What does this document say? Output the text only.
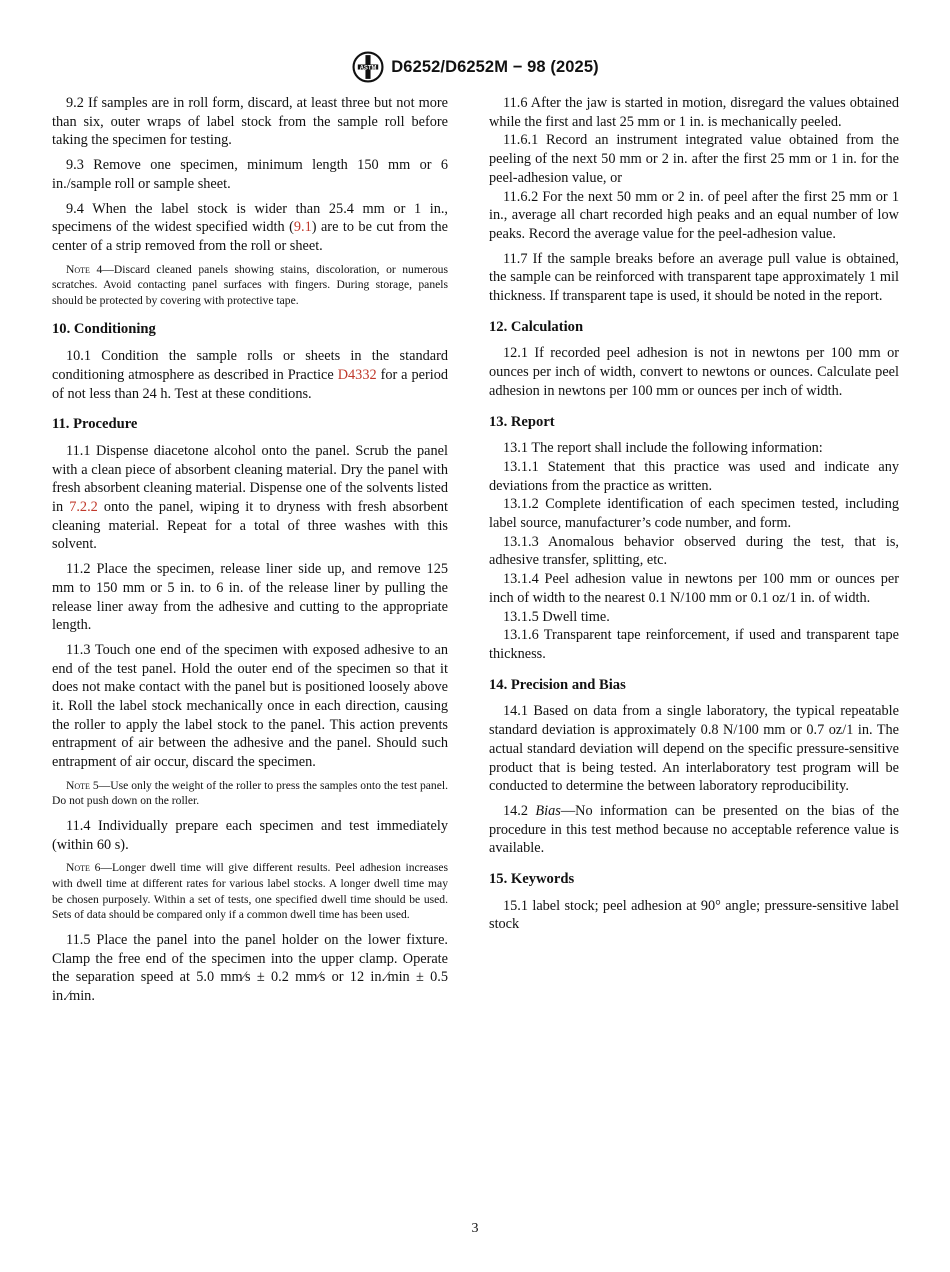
ASTM D6252/D6252M − 98 (2025)

9.2 If samples are in roll form, discard, at least three but not more than six, outer wraps of label stock from the sample roll before taking the specimen for testing.

9.3 Remove one specimen, minimum length 150 mm or 6 in./sample roll or sample sheet.

9.4 When the label stock is wider than 25.4 mm or 1 in., specimens of the widest specified width (9.1) are to be cut from the center of a strip removed from the roll or sheet.

Note 4—Discard cleaned panels showing stains, discoloration, or numerous scratches. Avoid contacting panel surfaces with fingers. During storage, panels should be protected by covering with protective tape.
10. Conditioning

10.1 Condition the sample rolls or sheets in the standard conditioning atmosphere as described in Practice D4332 for a period of not less than 24 h. Test at these conditions.

11. Procedure

11.1 Dispense diacetone alcohol onto the panel. Scrub the panel with a clean piece of absorbent cleaning material. Dry the panel with fresh absorbent cleaning material. Dispense one of the solvents listed in 7.2.2 onto the panel, wiping it to dryness with fresh absorbent cleaning material. Repeat for a total of three washes with this solvent.

11.2 Place the specimen, release liner side up, and remove 125 mm to 150 mm or 5 in. to 6 in. of the release liner by pulling the release liner away from the adhesive and cutting to the appropriate length.

11.3 Touch one end of the specimen with exposed adhesive to an end of the test panel. Hold the outer end of the specimen so that it does not make contact with the panel but is positioned loosely above it. Roll the label stock mechanically once in each direction, causing the roller to apply the label stock to the panel. This action prevents entrapment of air between the adhesive and the panel. Should such entrapment of air occur, discard the specimen.

Note 5—Use only the weight of the roller to press the samples onto the test panel. Do not push down on the roller.

11.4 Individually prepare each specimen and test immediately (within 60 s).

Note 6—Longer dwell time will give different results. Peel adhesion increases with dwell time at different rates for various label stocks. A longer dwell time may be chosen purposely. Within a set of tests, one specified dwell time should be used. Sets of data should be compared only if a common dwell time has been used.

11.5 Place the panel into the panel holder on the lower fixture. Clamp the free end of the specimen into the upper clamp. Operate the separation speed at 5.0 mm⁄s ± 0.2 mm⁄s or 12 in.⁄min ± 0.5 in.⁄min.

11.6 After the jaw is started in motion, disregard the values obtained while the first and last 25 mm or 1 in. is mechanically peeled.

11.6.1 Record an instrument integrated value obtained from the peeling of the next 50 mm or 2 in. after the first 25 mm or 1 in. for the peel-adhesion value, or

11.6.2 For the next 50 mm or 2 in. of peel after the first 25 mm or 1 in., average all chart recorded high peaks and an equal number of low peaks. Record the average value for the peel-adhesion value.

11.7 If the sample breaks before an average pull value is obtained, the sample can be reinforced with transparent tape approximately 1 mil thickness. If transparent tape is used, it should be noted in the report.

12. Calculation

12.1 If recorded peel adhesion is not in newtons per 100 mm or ounces per inch of width, convert to newtons or ounces. Calculate peel adhesion in newtons per 100 mm or ounces per inch of width.

13. Report

13.1 The report shall include the following information:

13.1.1 Statement that this practice was used and indicate any deviations from the practice as written.

13.1.2 Complete identification of each specimen tested, including label source, manufacturer’s code number, and form.

13.1.3 Anomalous behavior observed during the test, that is, adhesive transfer, splitting, etc.

13.1.4 Peel adhesion value in newtons per 100 mm or ounces per inch of width to the nearest 0.1 N/100 mm or 0.1 oz/1 in. of width.

13.1.5 Dwell time.

13.1.6 Transparent tape reinforcement, if used and transparent tape thickness.

14. Precision and Bias

14.1 Based on data from a single laboratory, the typical repeatable standard deviation is approximately 0.8 N/100 mm or 0.7 oz/1 in. The actual standard deviation will depend on the specific pressure-sensitive product that is being tested. An interlaboratory test program will be conducted to determine the between laboratory reproducibility.

14.2 Bias—No information can be presented on the bias of the procedure in this test method because no acceptable reference value is available.

15. Keywords

15.1 label stock; peel adhesion at 90° angle; pressure-sensitive label stock

3
